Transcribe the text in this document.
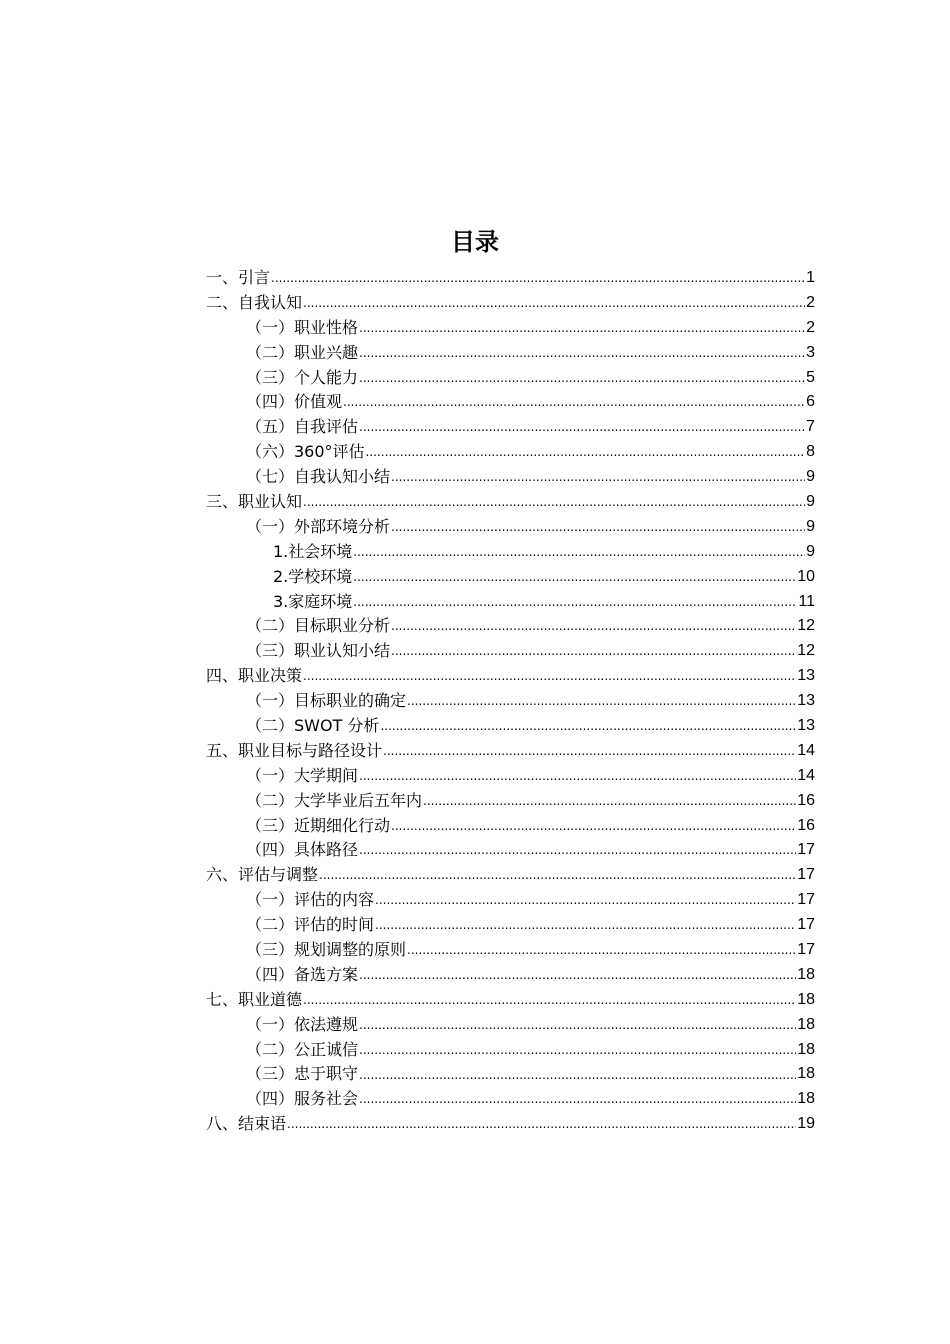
目录
一、引言 .....	1
二、自我认知 .....	2
（一）职业性格 .....	2
（二）职业兴趣 .....	3
（三）个人能力 .....	5
（四）价值观 .....	6
（五）自我评估 .....	7
（六）360°评估 .....	8
（七）自我认知小结 .....	9
三、职业认知 .....	9
（一）外部环境分析 .....	9
1.社会环境 .....	9
2.学校环境 .....	10
3.家庭环境 .....	11
（二）目标职业分析 .....	12
（三）职业认知小结 .....	12
四、职业决策 .....	13
（一）目标职业的确定 .....	13
（二）SWOT 分析 .....	13
五、职业目标与路径设计 .....	14
（一）大学期间 .....	14
（二）大学毕业后五年内 .....	16
（三）近期细化行动 .....	16
（四）具体路径 .....	17
六、评估与调整 .....	17
（一）评估的内容 .....	17
（二）评估的时间 .....	17
（三）规划调整的原则 .....	17
（四）备选方案 .....	18
七、职业道德 .....	18
（一）依法遵规 .....	18
（二）公正诚信 .....	18
（三）忠于职守 .....	18
（四）服务社会 .....	18
八、结束语 .....	19
